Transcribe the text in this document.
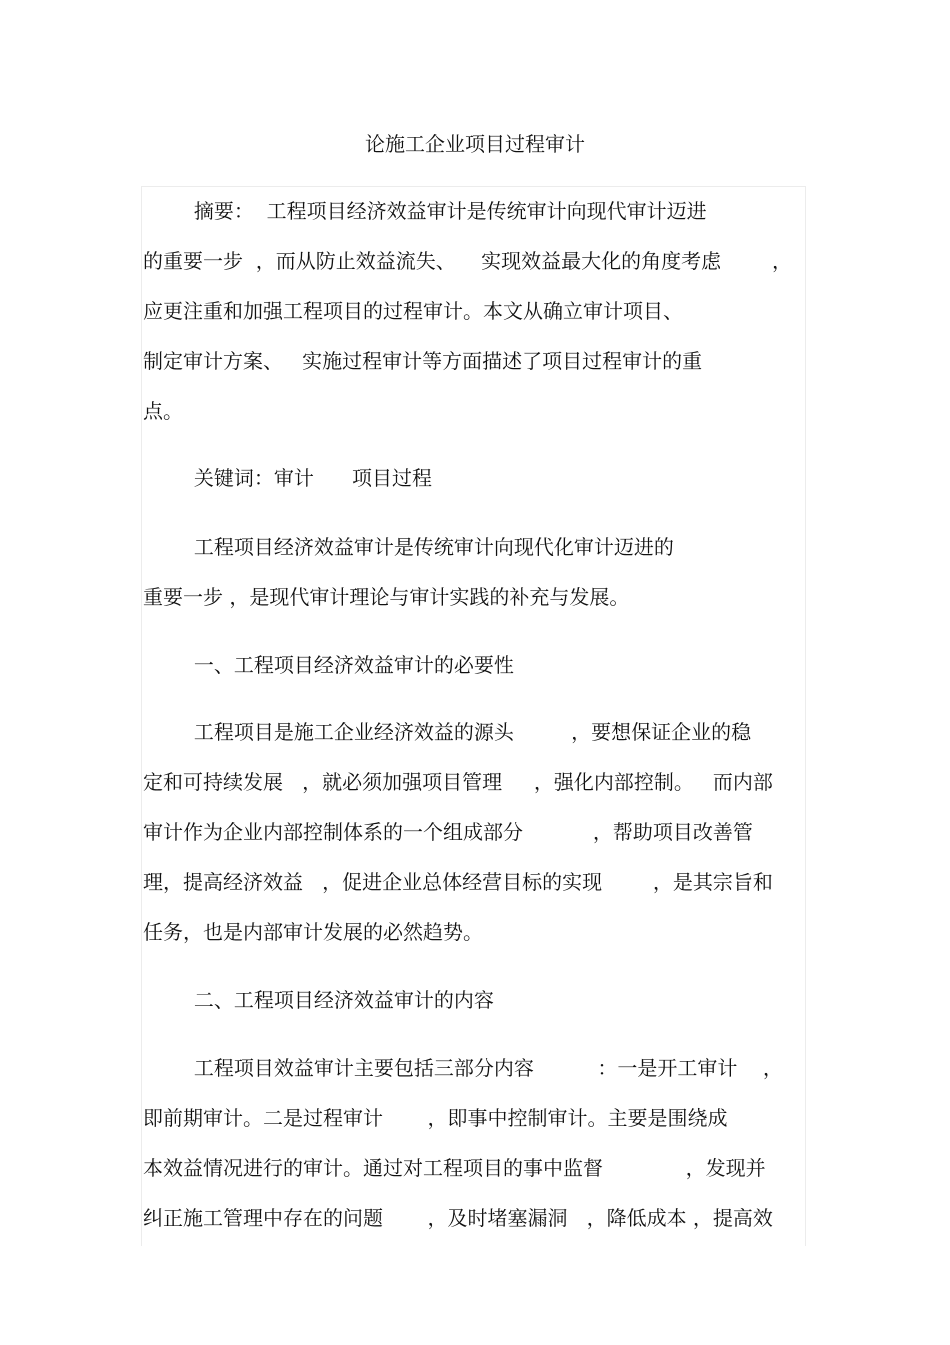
论施工企业项目过程审计
摘要：  工程项目经济效益审计是传统审计向现代审计迈进
的重要一步  ，而从防止效益流失、    实现效益最大化的角度考虑        ，
应更注重和加强工程项目的过程审计。本文从确立审计项目、
制定审计方案、   实施过程审计等方面描述了项目过程审计的重
点。
关键词：审计      项目过程
工程项目经济效益审计是传统审计向现代化审计迈进的
重要一步 ，是现代审计理论与审计实践的补充与发展。
一、工程项目经济效益审计的必要性
工程项目是施工企业经济效益的源头         ，要想保证企业的稳
定和可持续发展   ，就必须加强项目管理     ，强化内部控制。   而内部
审计作为企业内部控制体系的一个组成部分           ，帮助项目改善管
理，提高经济效益   ，促进企业总体经营目标的实现        ，是其宗旨和
任务，也是内部审计发展的必然趋势。
二、工程项目经济效益审计的内容
工程项目效益审计主要包括三部分内容          ：一是开工审计    ，
即前期审计。二是过程审计       ，即事中控制审计。主要是围绕成
本效益情况进行的审计。通过对工程项目的事中监督             ，发现并
纠正施工管理中存在的问题       ，及时堵塞漏洞   ，降低成本 ，提高效
